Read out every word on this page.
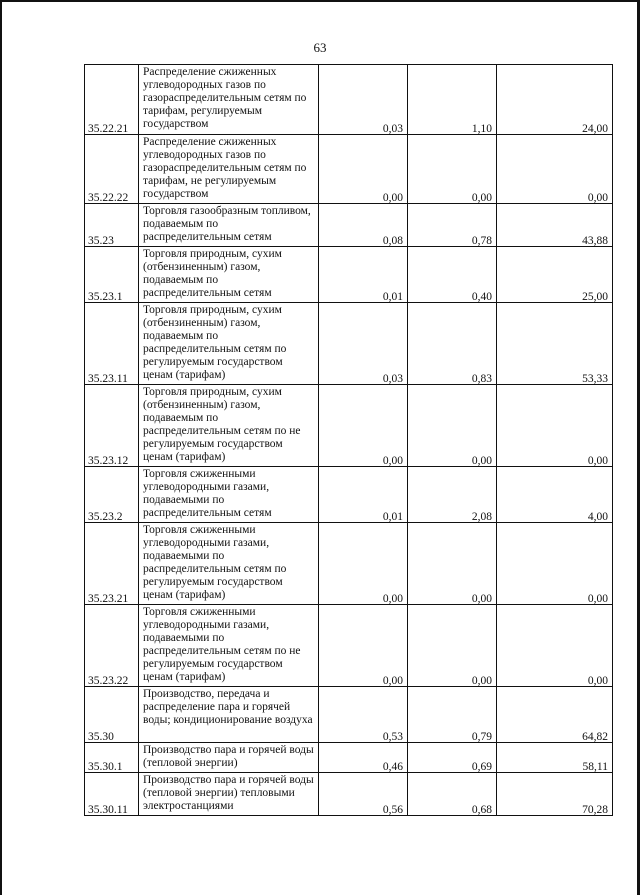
63
35.22.21	Распределение сжиженных углеводородных газов по газораспределительным сетям по тарифам, регулируемым государством	0,03	1,10	24,00
35.22.22	Распределение сжиженных углеводородных газов по газораспределительным сетям по тарифам, не регулируемым государством	0,00	0,00	0,00
35.23	Торговля газообразным топливом, подаваемым по распределительным сетям	0,08	0,78	43,88
35.23.1	Торговля природным, сухим (отбензиненным) газом, подаваемым по распределительным сетям	0,01	0,40	25,00
35.23.11	Торговля природным, сухим (отбензиненным) газом, подаваемым по распределительным сетям по регулируемым государством ценам (тарифам)	0,03	0,83	53,33
35.23.12	Торговля природным, сухим (отбензиненным) газом, подаваемым по распределительным сетям по не регулируемым государством ценам (тарифам)	0,00	0,00	0,00
35.23.2	Торговля сжиженными углеводородными газами, подаваемыми по распределительным сетям	0,01	2,08	4,00
35.23.21	Торговля сжиженными углеводородными газами, подаваемыми по распределительным сетям по регулируемым государством ценам (тарифам)	0,00	0,00	0,00
35.23.22	Торговля сжиженными углеводородными газами, подаваемыми по распределительным сетям по не регулируемым государством ценам (тарифам)	0,00	0,00	0,00
35.30	Производство, передача и распределение пара и горячей воды; кондиционирование воздуха	0,53	0,79	64,82
35.30.1	Производство пара и горячей воды (тепловой энергии)	0,46	0,69	58,11
35.30.11	Производство пара и горячей воды (тепловой энергии) тепловыми электростанциями	0,56	0,68	70,28
